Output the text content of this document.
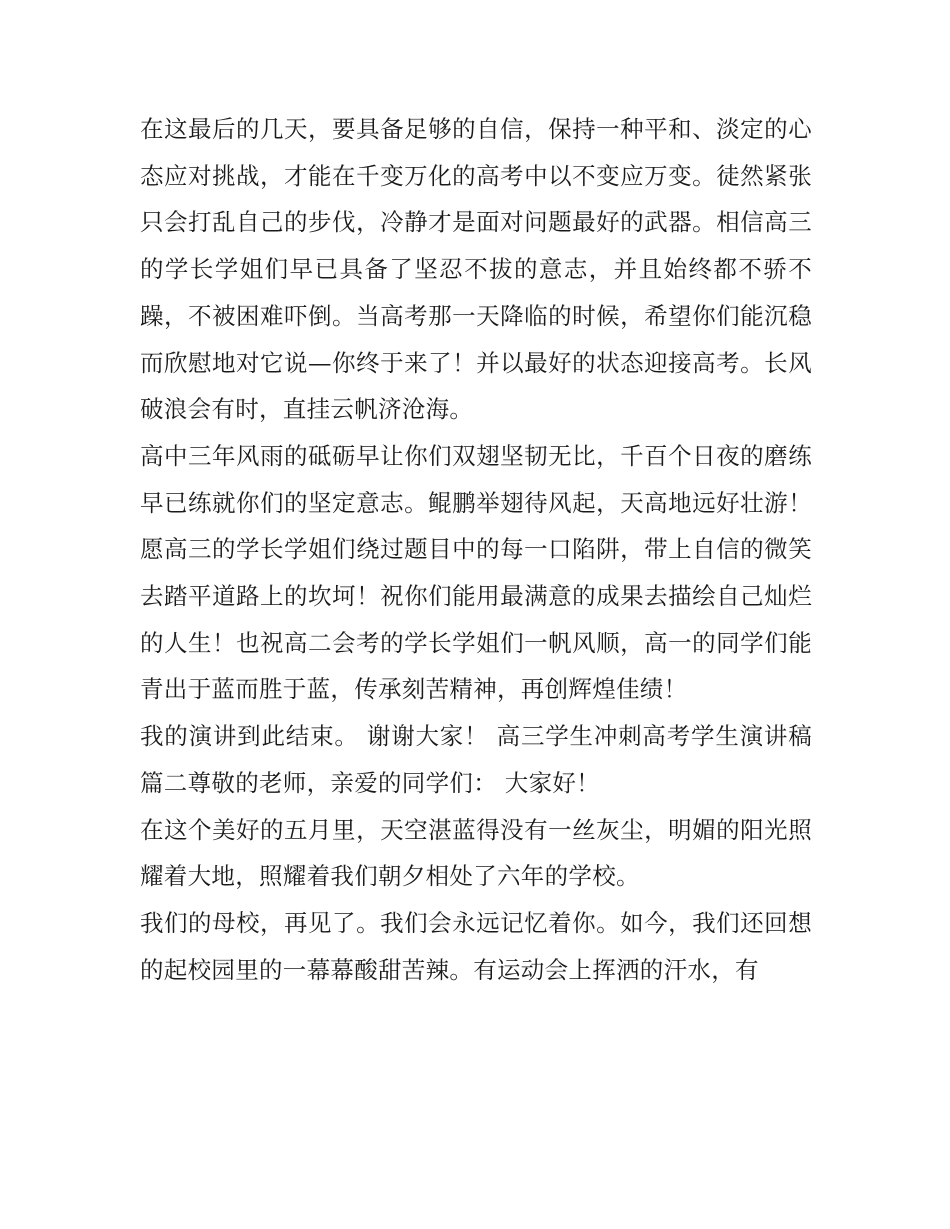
在这最后的几天，要具备足够的自信，保持一种平和、淡定的心态应对挑战，才能在千变万化的高考中以不变应万变。徒然紧张只会打乱自己的步伐，冷静才是面对问题最好的武器。相信高三的学长学姐们早已具备了坚忍不拔的意志，并且始终都不骄不躁，不被困难吓倒。当高考那一天降临的时候，希望你们能沉稳而欣慰地对它说—你终于来了！并以最好的状态迎接高考。长风破浪会有时，直挂云帆济沧海。

高中三年风雨的砥砺早让你们双翅坚韧无比，千百个日夜的磨练早已练就你们的坚定意志。鲲鹏举翅待风起，天高地远好壮游！愿高三的学长学姐们绕过题目中的每一口陷阱，带上自信的微笑去踏平道路上的坎坷！祝你们能用最满意的成果去描绘自己灿烂的人生！也祝高二会考的学长学姐们一帆风顺，高一的同学们能青出于蓝而胜于蓝，传承刻苦精神，再创辉煌佳绩！

我的演讲到此结束。 谢谢大家！ 高三学生冲刺高考学生演讲稿篇二尊敬的老师，亲爱的同学们： 大家好！

在这个美好的五月里，天空湛蓝得没有一丝灰尘，明媚的阳光照耀着大地，照耀着我们朝夕相处了六年的学校。

我们的母校，再见了。我们会永远记忆着你。如今，我们还回想的起校园里的一幕幕酸甜苦辣。有运动会上挥洒的汗水，有
